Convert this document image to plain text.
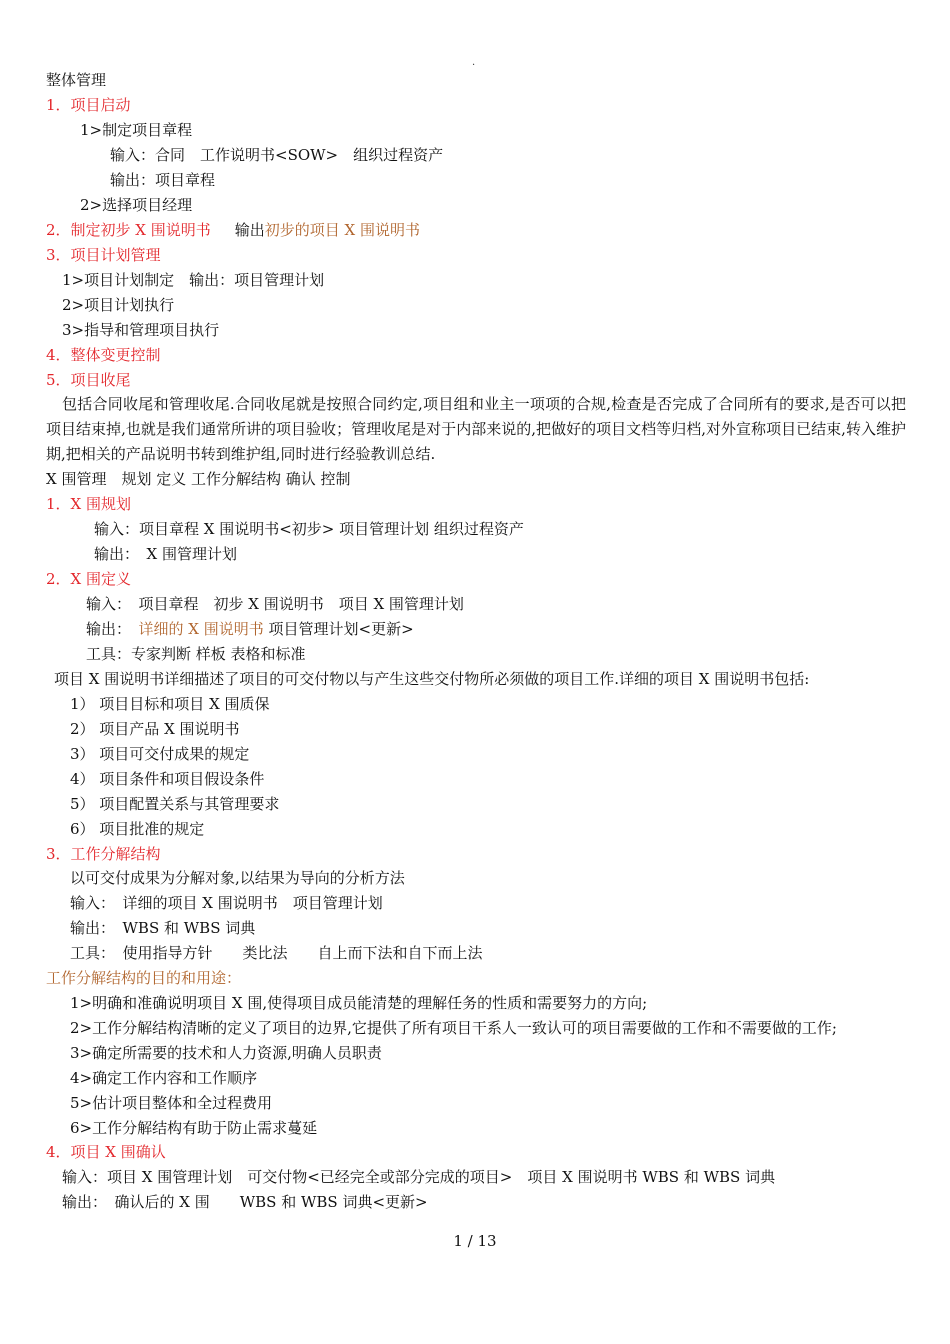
.
整体管理
1．项目启动
1>制定项目章程
输入：合同　工作说明书<SOW>　组织过程资产
输出：项目章程
2>选择项目经理
2．制定初步 X 围说明书 输出初步的项目 X 围说明书
3．项目计划管理
1>项目计划制定　输出：项目管理计划
2>项目计划执行
3>指导和管理项目执行
4．整体变更控制
5．项目收尾
包括合同收尾和管理收尾.合同收尾就是按照合同约定,项目组和业主一项项的合规,检查是否完成了合同所有的要求,是否可以把项目结束掉,也就是我们通常所讲的项目验收；管理收尾是对于内部来说的,把做好的项目文档等归档,对外宣称项目已结束,转入维护期,把相关的产品说明书转到维护组,同时进行经验教训总结.
X 围管理　规划 定义 工作分解结构 确认 控制
1．X 围规划
输入：项目章程 X 围说明书<初步> 项目管理计划 组织过程资产
输出：　X 围管理计划
2．X 围定义
输入：　项目章程　初步 X 围说明书　项目 X 围管理计划
输出：　详细的 X 围说明书 项目管理计划<更新>
工具：专家判断 样板 表格和标准
项目 X 围说明书详细描述了项目的可交付物以与产生这些交付物所必须做的项目工作.详细的项目 X 围说明书包括:
1） 项目目标和项目 X 围质保
2） 项目产品 X 围说明书
3） 项目可交付成果的规定
4） 项目条件和项目假设条件
5） 项目配置关系与其管理要求
6） 项目批准的规定
3．工作分解结构
以可交付成果为分解对象,以结果为导向的分析方法
输入：　详细的项目 X 围说明书　项目管理计划
输出：　WBS 和 WBS 词典
工具：　使用指导方针　　类比法　　自上而下法和自下而上法
工作分解结构的目的和用途：
1>明确和准确说明项目 X 围,使得项目成员能清楚的理解任务的性质和需要努力的方向;
2>工作分解结构清晰的定义了项目的边界,它提供了所有项目干系人一致认可的项目需要做的工作和不需要做的工作;
3>确定所需要的技术和人力资源,明确人员职责
4>确定工作内容和工作顺序
5>估计项目整体和全过程费用
6>工作分解结构有助于防止需求蔓延
4．项目 X 围确认
输入：项目 X 围管理计划　可交付物<已经完全或部分完成的项目>　项目 X 围说明书 WBS 和 WBS 词典
输出：　确认后的 X 围　　WBS 和 WBS 词典<更新>
1 / 13
